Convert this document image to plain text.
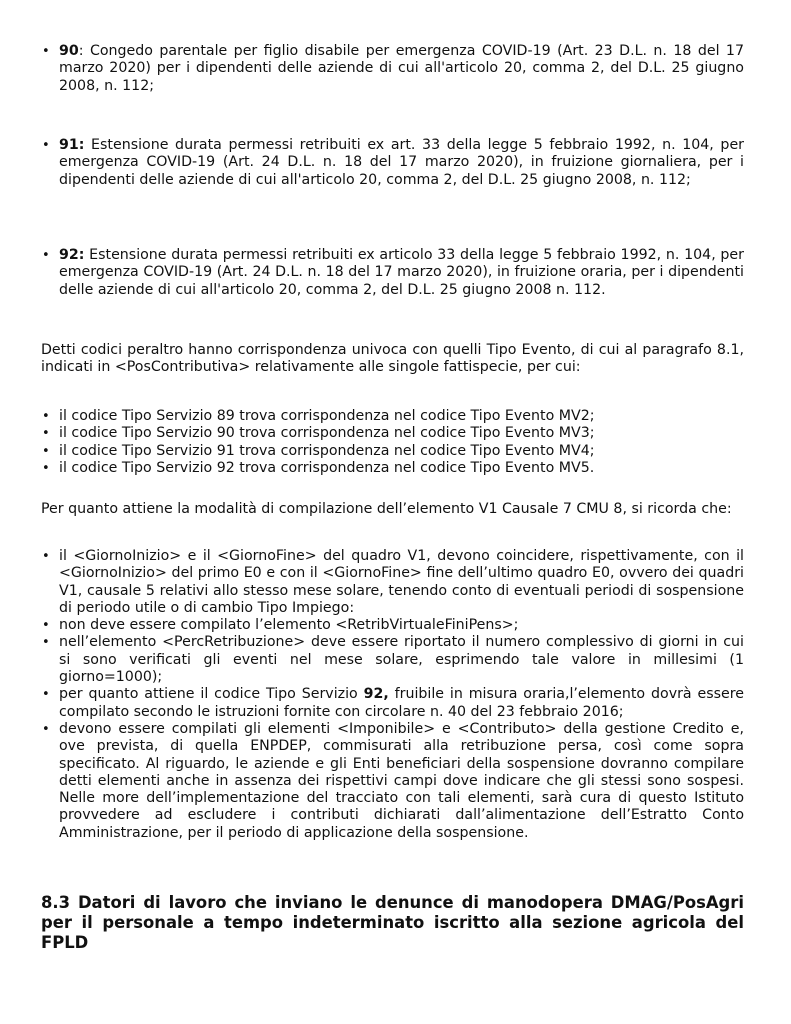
• 90: Congedo parentale per figlio disabile per emergenza COVID-19 (Art. 23 D.L. n. 18 del 17 marzo 2020) per i dipendenti delle aziende di cui all'articolo 20, comma 2, del D.L. 25 giugno 2008, n. 112;
• 91: Estensione durata permessi retribuiti ex art. 33 della legge 5 febbraio 1992, n. 104, per emergenza COVID-19 (Art. 24 D.L. n. 18 del 17 marzo 2020), in fruizione giornaliera, per i dipendenti delle aziende di cui all'articolo 20, comma 2, del D.L. 25 giugno 2008, n. 112;
• 92: Estensione durata permessi retribuiti ex articolo 33 della legge 5 febbraio 1992, n. 104, per emergenza COVID-19 (Art. 24 D.L. n. 18 del 17 marzo 2020), in fruizione oraria, per i dipendenti delle aziende di cui all'articolo 20, comma 2, del D.L. 25 giugno 2008 n. 112.

Detti codici peraltro hanno corrispondenza univoca con quelli Tipo Evento, di cui al paragrafo 8.1, indicati in <PosContributiva> relativamente alle singole fattispecie, per cui:

• il codice Tipo Servizio 89 trova corrispondenza nel codice Tipo Evento MV2;
• il codice Tipo Servizio 90 trova corrispondenza nel codice Tipo Evento MV3;
• il codice Tipo Servizio 91 trova corrispondenza nel codice Tipo Evento MV4;
• il codice Tipo Servizio 92 trova corrispondenza nel codice Tipo Evento MV5.

Per quanto attiene la modalità di compilazione dell’elemento V1 Causale 7 CMU 8, si ricorda che:

• il <GiornoInizio> e il <GiornoFine> del quadro V1, devono coincidere, rispettivamente, con il <GiornoInizio> del primo E0 e con il <GiornoFine> fine dell’ultimo quadro E0, ovvero dei quadri V1, causale 5 relativi allo stesso mese solare, tenendo conto di eventuali periodi di sospensione di periodo utile o di cambio Tipo Impiego:
• non deve essere compilato l’elemento <RetribVirtualeFiniPens>;
• nell’elemento <PercRetribuzione> deve essere riportato il numero complessivo di giorni in cui si sono verificati gli eventi nel mese solare, esprimendo tale valore in millesimi (1 giorno=1000);
• per quanto attiene il codice Tipo Servizio 92, fruibile in misura oraria,l’elemento dovrà essere compilato secondo le istruzioni fornite con circolare n. 40 del 23 febbraio 2016;
• devono essere compilati gli elementi <Imponibile> e <Contributo> della gestione Credito e, ove prevista, di quella ENPDEP, commisurati alla retribuzione persa, così come sopra specificato. Al riguardo, le aziende e gli Enti beneficiari della sospensione dovranno compilare detti elementi anche in assenza dei rispettivi campi dove indicare che gli stessi sono sospesi. Nelle more dell’implementazione del tracciato con tali elementi, sarà cura di questo Istituto provvedere ad escludere i contributi dichiarati dall’alimentazione dell’Estratto Conto Amministrazione, per il periodo di applicazione della sospensione.
8.3 Datori di lavoro che inviano le denunce di manodopera DMAG/PosAgri per il personale a tempo indeterminato iscritto alla sezione agricola del FPLD
